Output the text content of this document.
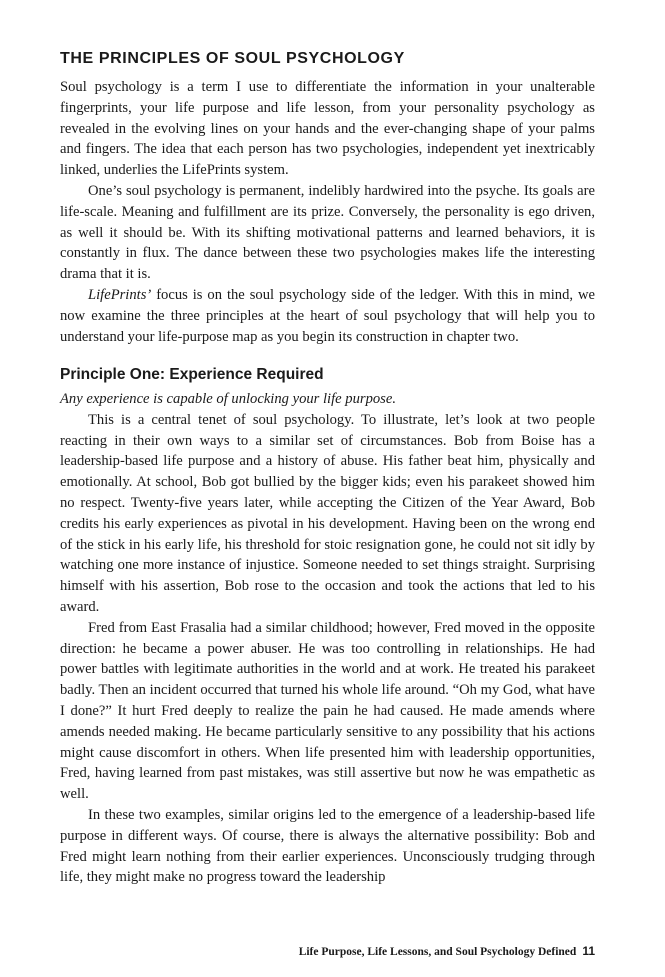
THE PRINCIPLES OF SOUL PSYCHOLOGY

Soul psychology is a term I use to differentiate the information in your unalterable fingerprints, your life purpose and life lesson, from your personality psychology as revealed in the evolving lines on your hands and the ever-changing shape of your palms and fingers. The idea that each person has two psychologies, independent yet inextricably linked, underlies the LifePrints system.

One’s soul psychology is permanent, indelibly hardwired into the psyche. Its goals are life-scale. Meaning and fulfillment are its prize. Conversely, the personality is ego driven, as well it should be. With its shifting motivational patterns and learned behaviors, it is constantly in flux. The dance between these two psychologies makes life the interesting drama that it is.

LifePrints’ focus is on the soul psychology side of the ledger. With this in mind, we now examine the three principles at the heart of soul psychology that will help you to understand your life-purpose map as you begin its construction in chapter two.

Principle One: Experience Required

Any experience is capable of unlocking your life purpose.

This is a central tenet of soul psychology. To illustrate, let’s look at two people reacting in their own ways to a similar set of circumstances. Bob from Boise has a leadership-based life purpose and a history of abuse. His father beat him, physically and emotionally. At school, Bob got bullied by the bigger kids; even his parakeet showed him no respect. Twenty-five years later, while accepting the Citizen of the Year Award, Bob credits his early experiences as pivotal in his development. Having been on the wrong end of the stick in his early life, his threshold for stoic resignation gone, he could not sit idly by watching one more instance of injustice. Someone needed to set things straight. Surprising himself with his assertion, Bob rose to the occasion and took the actions that led to his award.

Fred from East Frasalia had a similar childhood; however, Fred moved in the opposite direction: he became a power abuser. He was too controlling in relationships. He had power battles with legitimate authorities in the world and at work. He treated his parakeet badly. Then an incident occurred that turned his whole life around. “Oh my God, what have I done?” It hurt Fred deeply to realize the pain he had caused. He made amends where amends needed making. He became particularly sensitive to any possibility that his actions might cause discomfort in others. When life presented him with leadership opportunities, Fred, having learned from past mistakes, was still assertive but now he was empathetic as well.

In these two examples, similar origins led to the emergence of a leadership-based life purpose in different ways. Of course, there is always the alternative possibility: Bob and Fred might learn nothing from their earlier experiences. Unconsciously trudging through life, they might make no progress toward the leadership

Life Purpose, Life Lessons, and Soul Psychology Defined 11
